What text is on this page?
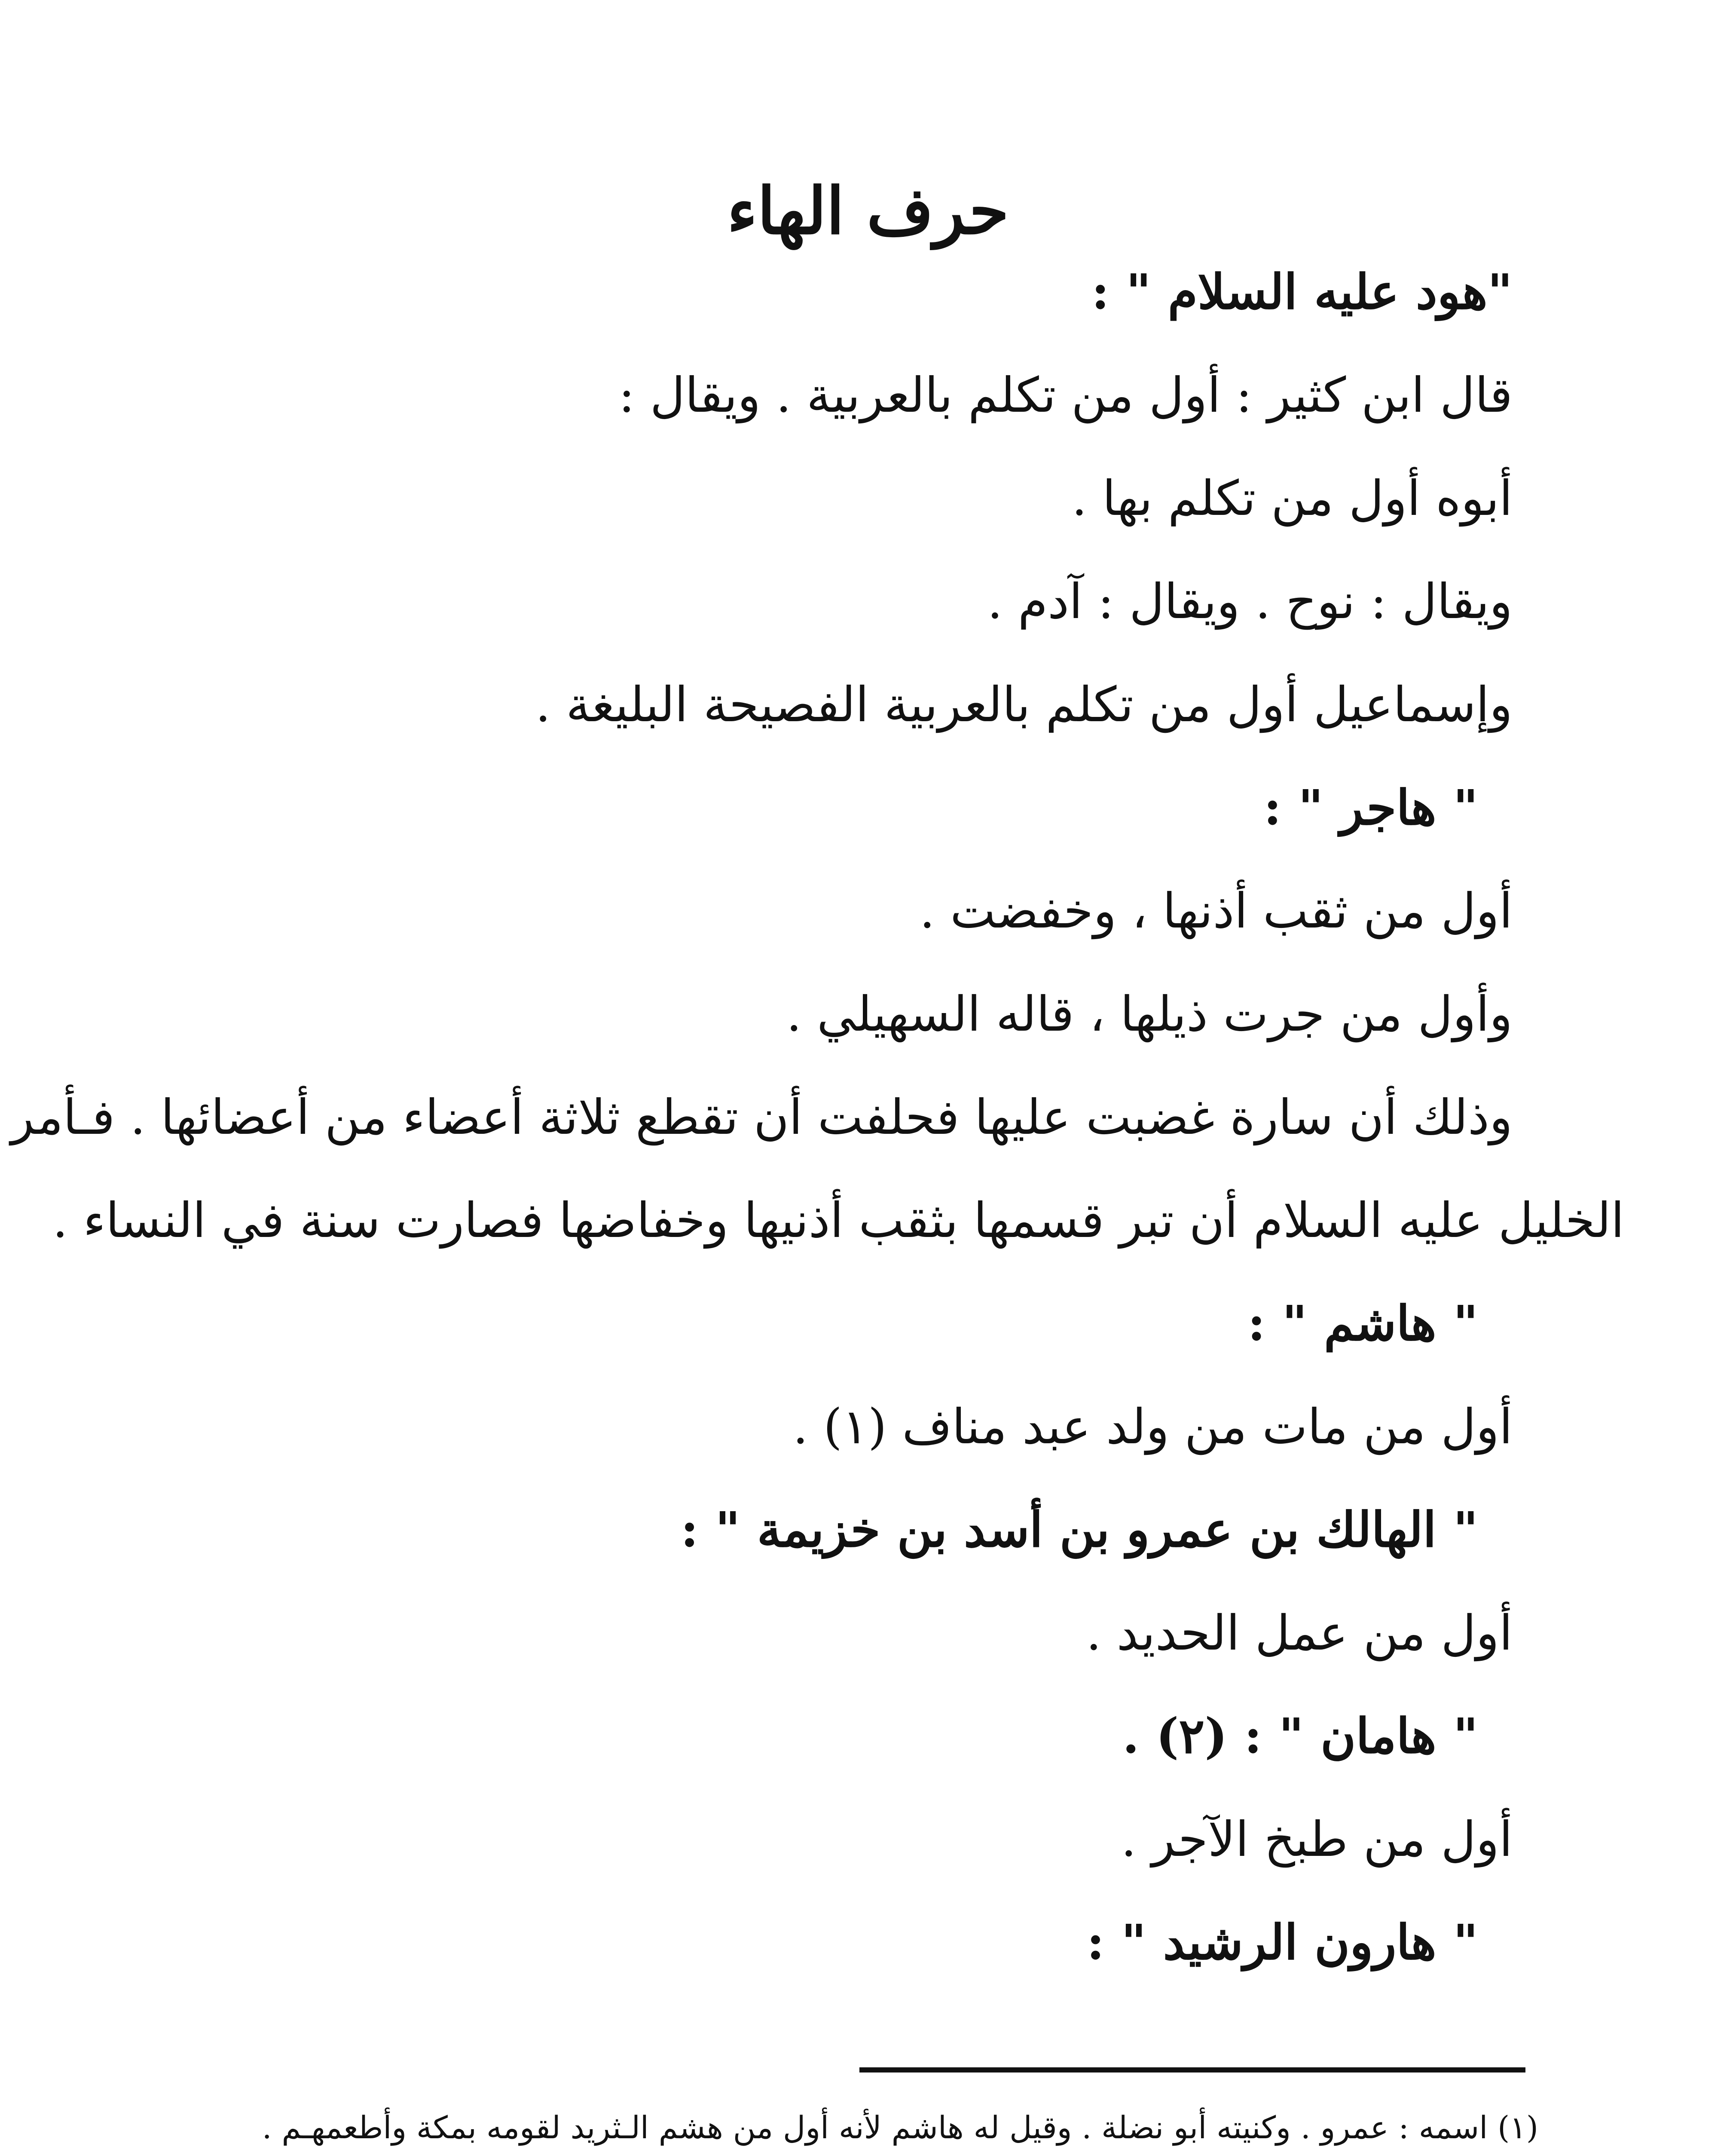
حرف الهاء
"هود عليه السلام " :
قال ابن كثير : أول من تكلم بالعربية . ويقال :
أبوه أول من تكلم بها .
ويقال : نوح . ويقال : آدم .
وإسماعيل أول من تكلم بالعربية الفصيحة البليغة .
" هاجر " :
أول من ثقب أذنها ، وخفضت .
وأول من جرت ذيلها ، قاله السهيلي .
وذلك أن سارة غضبت عليها فحلفت أن تقطع ثلاثة أعضاء من أعضائها . فـأمر
الخليل عليه السلام أن تبر قسمها بثقب أذنيها وخفاضها فصارت سنة في النساء .
" هاشم " :
أول من مات من ولد عبد مناف (١) .
" الهالك بن عمرو بن أسد بن خزيمة " :
أول من عمل الحديد .
" هامان " : (٢) .
أول من طبخ الآجر .
" هارون الرشيد " :
(١) اسمه : عمرو . وكنيته أبو نضلة . وقيل له هاشم لأنه أول من هشم الـثريد لقومه بمكة وأطعمهـم .
